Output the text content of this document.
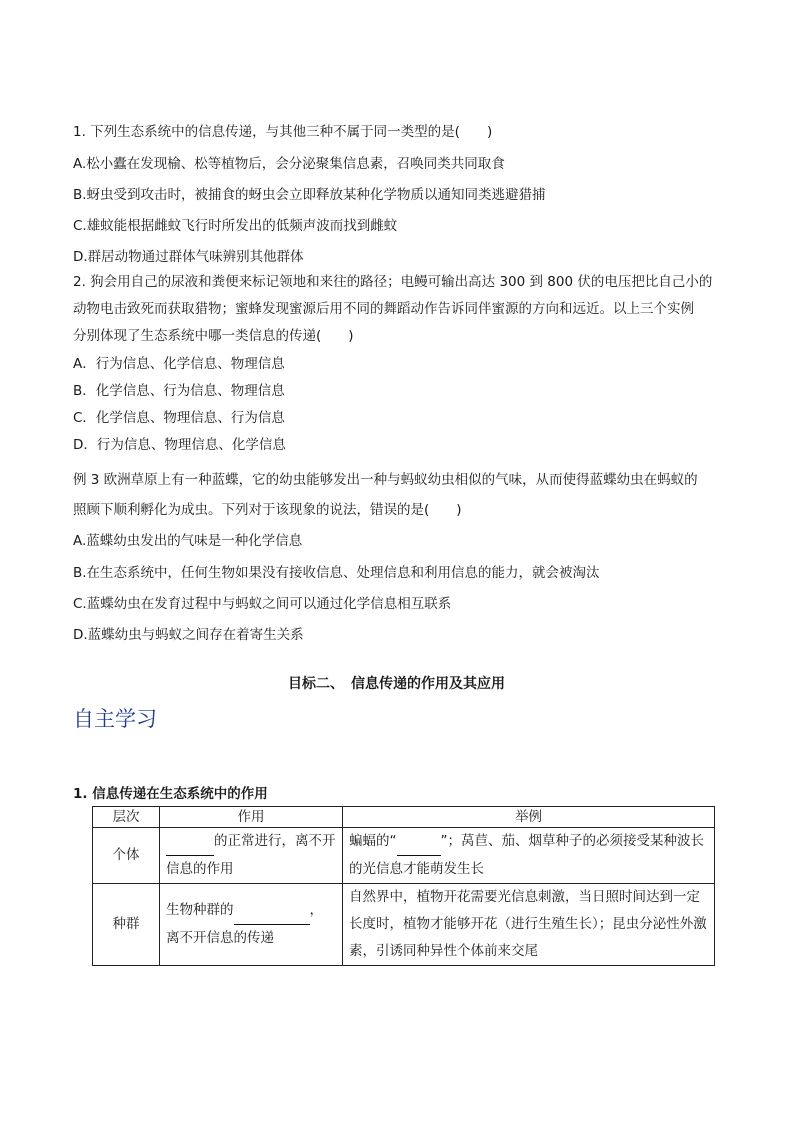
1. 下列生态系统中的信息传递，与其他三种不属于同一类型的是(　　)
A.松小蠹在发现榆、松等植物后，会分泌聚集信息素，召唤同类共同取食
B.蚜虫受到攻击时，被捕食的蚜虫会立即释放某种化学物质以通知同类逃避猎捕
C.雄蚊能根据雌蚊飞行时所发出的低频声波而找到雌蚊
D.群居动物通过群体气味辨别其他群体
2. 狗会用自己的尿液和粪便来标记领地和来往的路径；电鳗可输出高达 300 到 800 伏的电压把比自己小的
动物电击致死而获取猎物；蜜蜂发现蜜源后用不同的舞蹈动作告诉同伴蜜源的方向和远近。以上三个实例
分别体现了生态系统中哪一类信息的传递(　　)
A．行为信息、化学信息、物理信息
B．化学信息、行为信息、物理信息
C．化学信息、物理信息、行为信息
D．行为信息、物理信息、化学信息
例 3 欧洲草原上有一种蓝蝶，它的幼虫能够发出一种与蚂蚁幼虫相似的气味，从而使得蓝蝶幼虫在蚂蚁的
照顾下顺利孵化为成虫。下列对于该现象的说法，错误的是(　　)
A.蓝蝶幼虫发出的气味是一种化学信息
B.在生态系统中，任何生物如果没有接收信息、处理信息和利用信息的能力，就会被淘汰
C.蓝蝶幼虫在发育过程中与蚂蚁之间可以通过化学信息相互联系
D.蓝蝶幼虫与蚂蚁之间存在着寄生关系
目标二、　信息传递的作用及其应用
自主学习
1. 信息传递在生态系统中的作用
层次	作用	举例
个体	的正常进行，离不开信息的作用	蝙蝠的“ ”；莴苣、茄、烟草种子的必须接受某种波长的光信息才能萌发生长
种群	生物种群的 ，离不开信息的传递	自然界中，植物开花需要光信息刺激，当日照时间达到一定长度时，植物才能够开花（进行生殖生长）；昆虫分泌性外激素，引诱同种异性个体前来交尾
